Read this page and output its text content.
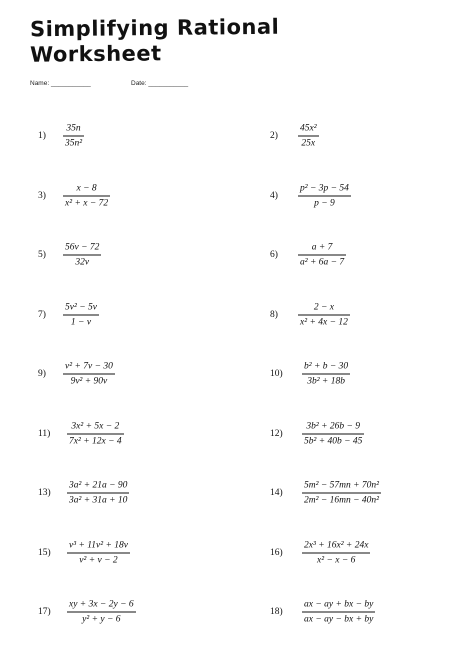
Simplifying Rational
Worksheet
Name: ___________	Date: ___________
1)
35n
35n²
2)
45x²
25x
3)
x − 8
x² + x − 72
4)
p² − 3p − 54
p − 9
5)
56v − 72
32v
6)
a + 7
a² + 6a − 7
7)
5v² − 5v
1 − v
8)
2 − x
x² + 4x − 12
9)
v² + 7v − 30
9v² + 90v
10)
b² + b − 30
3b² + 18b
11)
3x² + 5x − 2
7x² + 12x − 4
12)
3b² + 26b − 9
5b² + 40b − 45
13)
3a² + 21a − 90
3a² + 31a + 10
14)
5m² − 57mn + 70n²
2m² − 16mn − 40n²
15)
v³ + 11v² + 18v
v² + v − 2
16)
2x³ + 16x² + 24x
x² − x − 6
17)
xy + 3x − 2y − 6
y² + y − 6
18)
ax − ay + bx − by
ax − ay − bx + by
